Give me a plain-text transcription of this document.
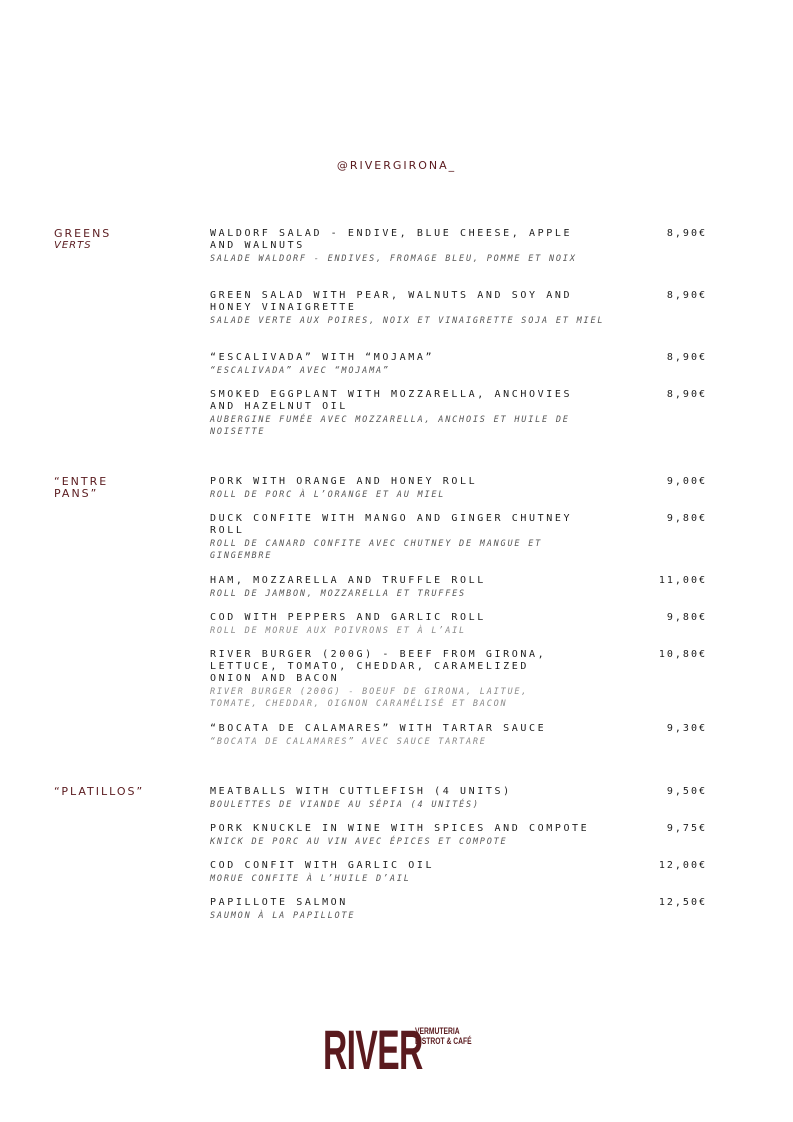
@RIVERGIRONA_
GREENS
VERTS
WALDORF SALAD - ENDIVE, BLUE CHEESE, APPLE AND WALNUTS
SALADE WALDORF - ENDIVES, FROMAGE BLEU, POMME ET NOIX
8,90€
GREEN SALAD WITH PEAR, WALNUTS AND SOY AND HONEY VINAIGRETTE
SALADE VERTE AUX POIRES, NOIX ET VINAIGRETTE SOJA ET MIEL
8,90€
“ESCALIVADA” WITH “MOJAMA”
“ESCALIVADA” AVEC “MOJAMA”
8,90€
SMOKED EGGPLANT WITH MOZZARELLA, ANCHOVIES AND HAZELNUT OIL
AUBERGINE FUMÉE AVEC MOZZARELLA, ANCHOIS ET HUILE DE NOISETTE
8,90€
“ENTRE PANS”
PORK WITH ORANGE AND HONEY ROLL
ROLL DE PORC À L’ORANGE ET AU MIEL
9,00€
DUCK CONFITE WITH MANGO AND GINGER CHUTNEY ROLL
ROLL DE CANARD CONFITE AVEC CHUTNEY DE MANGUE ET GINGEMBRE
9,80€
HAM, MOZZARELLA AND TRUFFLE ROLL
ROLL DE JAMBON, MOZZARELLA ET TRUFFES
11,00€
COD WITH PEPPERS AND GARLIC ROLL
ROLL DE MORUE AUX POIVRONS ET À L’AIL
9,80€
RIVER BURGER (200G) - BEEF FROM GIRONA, LETTUCE, TOMATO, CHEDDAR, CARAMELIZED ONION AND BACON
RIVER BURGER (200G) - BOEUF DE GIRONA, LAITUE, TOMATE, CHEDDAR, OIGNON CARAMÉLISÉ ET BACON
10,80€
“BOCATA DE CALAMARES” WITH TARTAR SAUCE
“BOCATA DE CALAMARES” AVEC SAUCE TARTARE
9,30€
“PLATILLOS”	MEATBALLS WITH CUTTLEFISH (4 UNITS)
BOULETTES DE VIANDE AU SÉPIA (4 UNITÉS)
9,50€
PORK KNUCKLE IN WINE WITH SPICES AND COMPOTE
KNICK DE PORC AU VIN AVEC ÉPICES ET COMPOTE
9,75€
COD CONFIT WITH GARLIC OIL
MORUE CONFITE À L’HUILE D’AIL
12,00€
PAPILLOTE SALMON
SAUMON À LA PAPILLOTE
12,50€
RIVER
VERMUTERIA
BISTROT & CAFÉ
